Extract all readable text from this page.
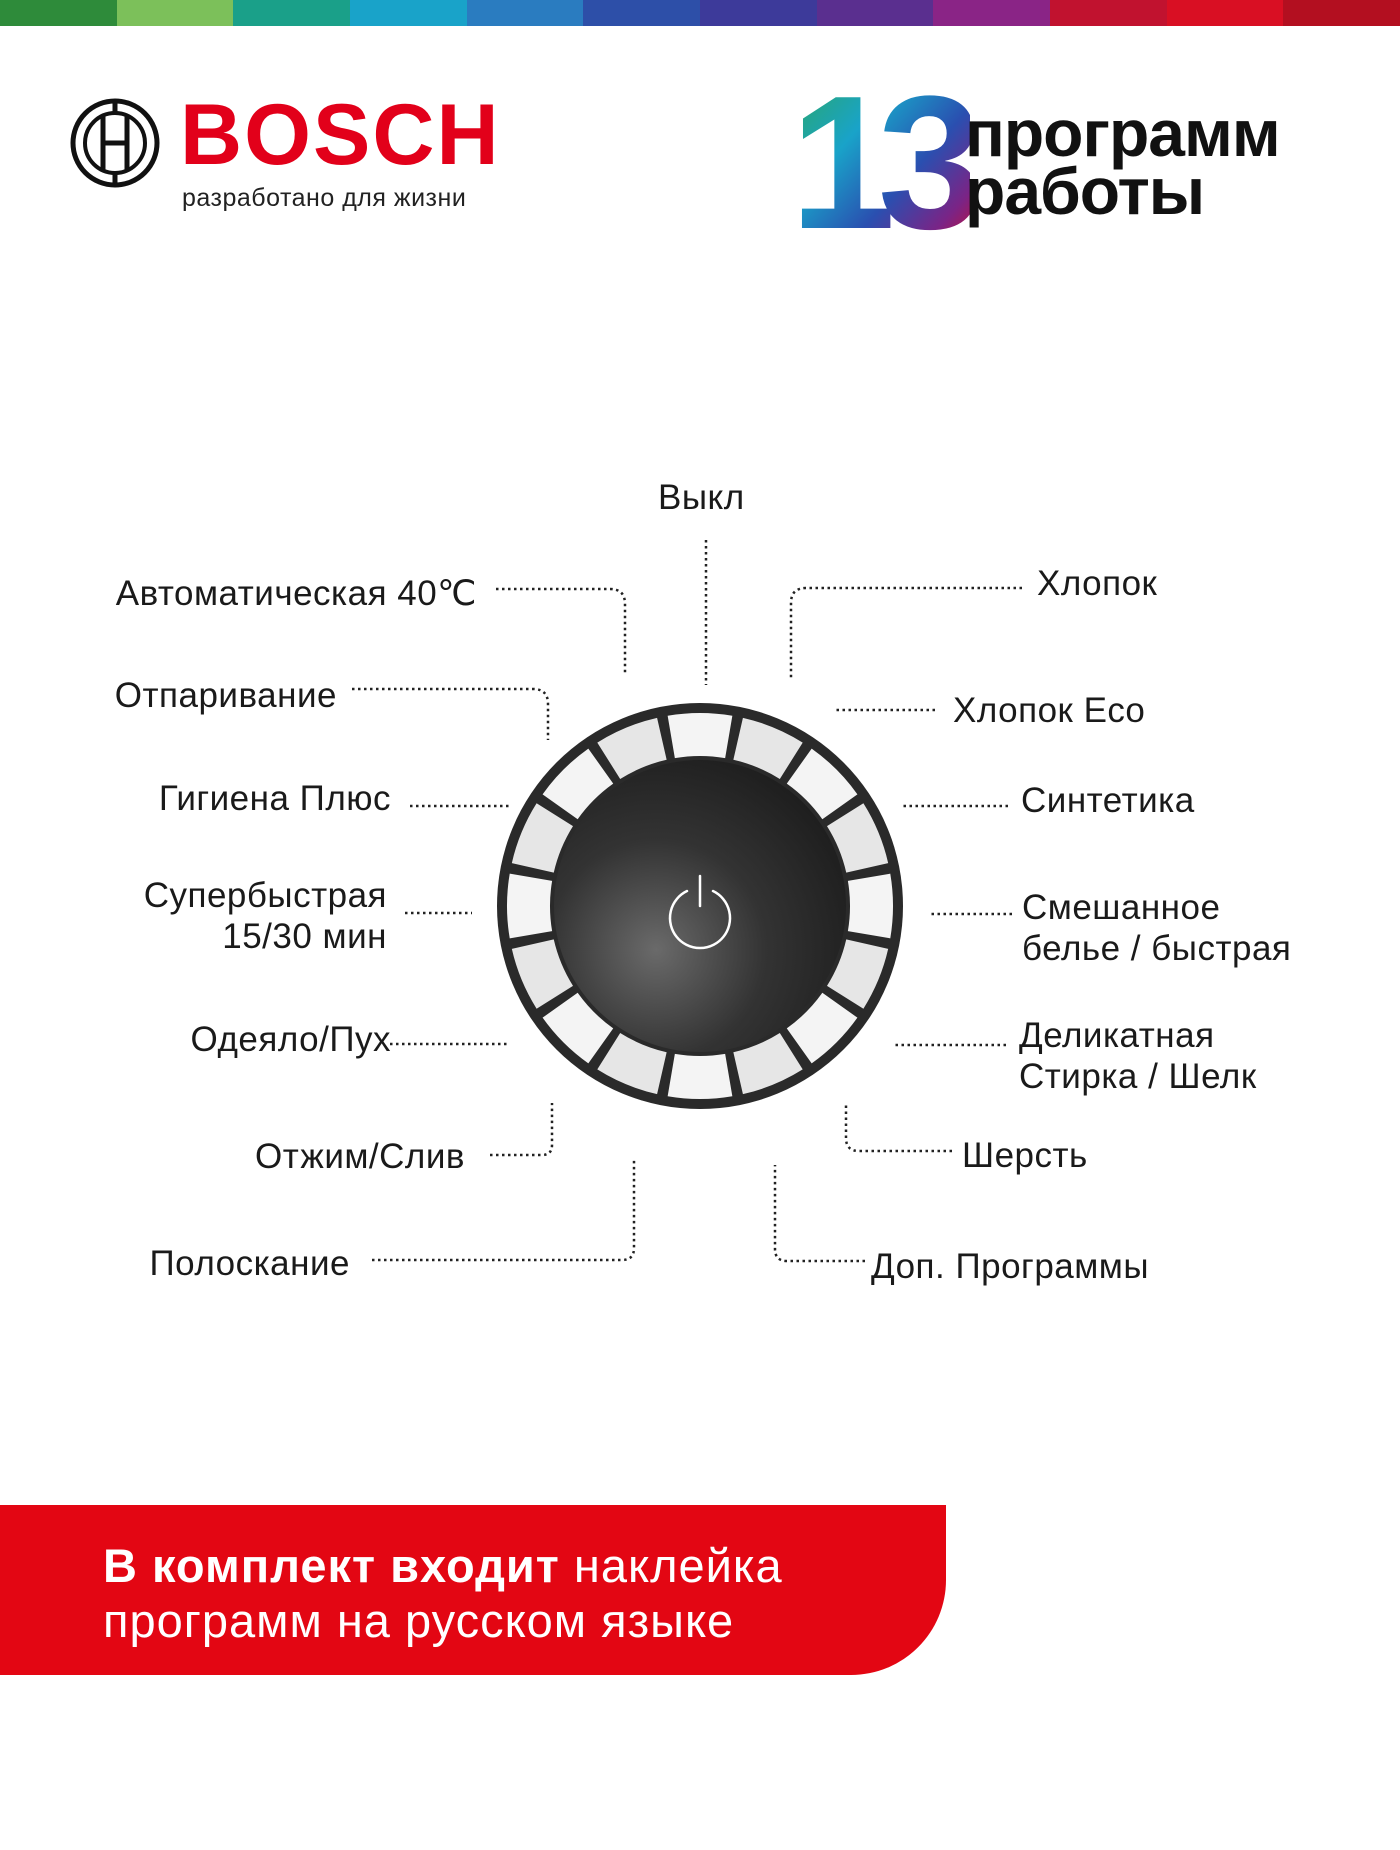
BOSCH
разработано для жизни 13 программ
работы
Выкл
Автоматическая 40℃
Отпаривание
Гигиена Плюс
Супербыстрая
15/30 мин
Одеяло/Пух
Отжим/Слив
Полоскание
Хлопок
Хлопок Eco
Синтетика
Смешанное
белье / быстрая
Деликатная
Стирка / Шелк
Шерсть
Доп. Программы
В комплект входит наклейка
программ на русском языке
